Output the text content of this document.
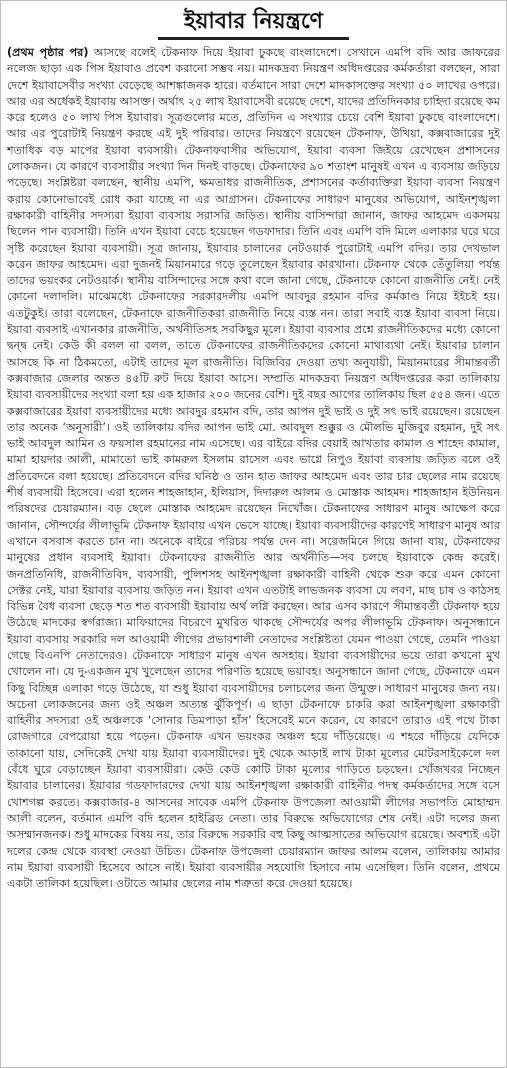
ইয়াবার নিয়ন্ত্রণে
(প্রথম পৃষ্ঠার পর) আসছে বলেই টেকনাফ দিয়ে ইয়াবা ঢুকছে বাংলাদেশে। সেখানে এমপি বদি আর জাফরের নলেজ ছাড়া এক পিস ইয়াবাও প্রবেশ করানো সম্ভব নয়। মাদকদ্রব্য নিয়ন্ত্রণ অধিদপ্তরের কর্মকর্তারা বলছেন, সারা দেশে ইয়াবাসেবীর সংখ্যা বেড়েছে আশঙ্কাজনক হারে। বর্তমানে সারা দেশে মাদকাসক্তের সংখ্যা ৫০ লাখের ওপরে। আর এর অর্ধেকই ইয়াবায় আসক্ত। অর্থাৎ ২৫ লাখ ইয়াবাসেবী রয়েছে দেশে, যাদের প্রতিদিনকার চাহিদা রয়েছে কম করে হলেও ৫০ লাখ পিস ইয়াবার। সূত্রগুলোর মতে, প্রতিদিন এ সংখ্যার চেয়ে বেশি ইয়াবা ঢুকছে বাংলাদেশে। আর এর পুরোটাই নিয়ন্ত্রণ করছে এই দুই পরিবার। তাদের নিয়ন্ত্রণে রয়েছেন টেকনাফ, উখিয়া, কক্সবাজারের দুই শতাধিক বড় মাপের ইয়াবা ব্যবসায়ী। টেকনাফবাসীর অভিযোগ, ইয়াবা ব্যবসা জিইয়ে রেখেছেন প্রশাসনের লোকজন। যে কারণে ব্যবসায়ীর সংখ্যা দিন দিনই বাড়ছে। টেকনাফের ৯০ শতাংশ মানুষই এখন এ ব্যবসায় জড়িয়ে পড়েছে। সংশ্লিষ্টরা বলছেন, স্থানীয় এমপি, ক্ষমতাধর রাজনীতিক, প্রশাসনের কর্তাব্যক্তিরা ইয়াবা ব্যবসা নিয়ন্ত্রণ করায় কোনোভাবেই রোধ করা যাচ্ছে না এর আগ্রাসন। টেকনাফের সাধারণ মানুষের অভিযোগ, আইনশৃঙ্খলা রক্ষাকারী বাহিনীর সদস্যরা ইয়াবা ব্যবসায় সরাসরি জড়িত। স্থানীয় বাসিন্দারা জানান, জাফর আহমেদ একসময় ছিলেন পান ব্যবসায়ী। তিনি এখন ইয়াবা বেচে হয়েছেন গডফাদার। তিনি এবং এমপি বদি মিলে এলাকার ঘরে ঘরে সৃষ্টি করেছেন ইয়াবা ব্যবসায়ী। সূত্র জানায়, ইয়াবার চালানের নেটওয়ার্ক পুরোটাই এমপি বদির। তার দেখভাল করেন জাফর আহমেদ। এরা দুজনই মিয়ানমারে গড়ে তুলেছেন ইয়াবার কারখানা। টেকনাফ থেকে তেঁতুলিয়া পর্যন্ত তাদের ভয়ংকর নেটওয়ার্ক। স্থানীয় বাসিন্দাদের সঙ্গে কথা বলে জানা গেছে, টেকনাফে কোনো রাজনীতি নেই। নেই কোনো দলাদলি। মাঝেমধ্যে টেকনাফের সরকারদলীয় এমপি আবদুর রহমান বদির কর্মকাণ্ড নিয়ে ইইচই হয়। এতটুকুই। তারা বলেছেন, টেকনাফে রাজনীতিকরা রাজনীতি নিয়ে ব্যস্ত নন। তারা সবাই ব্যস্ত ইয়াবা ব্যবসা নিয়ে। ইয়াবা ব্যবসাই এখানকার রাজনীতি, অর্থনীতিসহ সবকিছুর মূলে। ইয়াবা ব্যবসার প্রশ্নে রাজনীতিকদের মধ্যে কোনো দ্বন্দ্ব নেই। কেউ কী বলল না বলল, তাতে টেকনাফের রাজনীতিকদের কোনো মাথাব্যথা নেই। ইয়াবার চালান আসছে কি না ঠিকমতো, এটাই তাদের মূল রাজনীতি। বিজিবির দেওয়া তথ্য অনুযায়ী, মিয়ানমারের সীমান্তবর্তী কক্সবাজার জেলার অন্তত ৪৫টি রুট দিয়ে ইয়াবা আসে। সম্প্রতি মাদকদ্রব্য নিয়ন্ত্রণ অধিদপ্তরের করা তালিকায় ইয়াবা ব্যবসায়ীদের সংখ্যা বলা হয় এক হাজার ২০০ জনের বেশি। দুই বছর আগের তালিকায় ছিল ৫৫৪ জন। এতে কক্সবাজারের ইয়াবা ব্যবসায়ীদের মধ্যে আবদুর রহমান বদি, তার আপন দুই ভাই ও দুই সৎ ভাই রয়েছেন। রয়েছেন তার অনেক ‘অনুসারী’। ওই তালিকায় বদির আপন ভাই মো. আবদুল শুক্কুর ও মৌলভি মুজিবুর রহমান, দুই সৎ ভাই আবদুল আমিন ও ফয়সাল রহমানের নাম এসেছে। এর বাইরে বদির বেয়াই আখতার কামাল ও শাহেদ কামাল, মামা হায়দার আলী, মামাতো ভাই কামরুল ইসলাম রাসেল এবং ভাগ্নে নিপুও ইয়াবা ব্যবসায় জড়িত বলে ওই প্রতিবেদনে বলা হয়েছে। প্রতিবেদনে বদির ঘনিষ্ঠ ও তান হাত জাফর আহমেদ এবং তার চার ছেলের নাম রয়েছে শীর্ষ ব্যবসায়ী হিসেবে। এরা হলেন শাহজাহান, ইলিয়াস, দিদারুল আলম ও মোস্তাক আহমদ। শাহজাহান ইউনিয়ন পরিষদের চেয়ারম্যান। বড় ছেলে মোস্তাক আহমেদ রয়েছেন নিখোঁজ। টেকনাফের সাধারণ মানুষ আক্ষেপ করে জানান, সৌন্দর্যের লীলাভূমি টেকনাফ ইয়াবায় এখন ভেসে যাচ্ছে। ইয়াবা ব্যবসায়ীদের কারণেই সাধারণ মানুষ আর এখানে বসবাস করতে চান না। অনেকে বাইরে পরিচয় পর্যন্ত দেন না। সরেজমিনে গিয়ে জানা যায়, টেকনাফের মানুষের প্রধান ব্যবসাই ইয়াবা। টেকনাফের রাজনীতি আর অর্থনীতি—সব চলছে ইয়াবাকে কেন্দ্র করেই। জনপ্রতিনিধি, রাজনীতিবিদ, ব্যবসায়ী, পুলিশসহ আইনশৃঙ্খলা রক্ষাকারী বাহিনী থেকে শুরু করে এমন কোনো সেক্টর নেই, যারা ইয়াবার ব্যবসায় জড়িত নন। ইয়াবা এখন এতটাই লাভজনক ব্যবসা যে লবণ, মাছ চাষ ও কাঠসহ বিভিন্ন বৈধ ব্যবসা ছেড়ে শত শত ব্যবসায়ী ইয়াবায় অর্থ লগ্নি করছেন। আর এসব কারণে সীমান্তবর্তী টেকনাফ হয়ে উঠেছে মাদকের স্বর্গরাজ্য। মাফিয়াদের বিচরণে মুখরিত থাকছে সৌন্দর্যের অপর লীলাভূমি টেকনাফ। অনুসন্ধানে ইয়াবা ব্যবসায় সরকারি দল আওয়ামী লীগের প্রভাবশালী নেতাদের সংশ্লিষ্টতা যেমন পাওয়া গেছে, তেমনি পাওয়া গেছে বিএনপি নেতাদেরও। টেকনাফে সাধারণ মানুষ এখন অসহায়। ইয়াবা ব্যবসায়ীদের ভয়ে তারা কখনো মুখ খোলেন না। যে দু-একজন মুখ খুলেছেন তাদের পরিণতি হয়েছে ভয়াবহ। অনুসন্ধানে জানা গেছে, টেকনাফে এমন কিছু বিচ্ছিন্ন এলাকা গড়ে উঠেছে, যা শুধু ইয়াবা ব্যবসায়ীদের চলাচলের জন্য উন্মুক্ত। সাধারণ মানুষের জন্য নয়। অচেনা লোকজনের জন্য ওই অঞ্চল অত্যন্ত ঝুঁকিপূর্ণ। এ ছাড়া টেকনাফে চাকরি করা আইনশৃঙ্খলা রক্ষাকারী বাহিনীর সদস্যরা ওই অঞ্চলকে ‘সোনার ডিমপাড়া হাঁস’ হিসেবেই মনে করেন, যে কারণে তারাও এই পথে টাকা রোজগারে বেপরোয়া হয়ে পড়েন। টেকনাফ এখন ভয়ংকর অঞ্চল হয়ে দাঁড়িয়েছে। এ শহরে দাঁড়িয়ে যেদিকে তাকানো যায়, সেদিকেই দেখা যায় ইয়াবা ব্যবসায়ীদের। দুই থেকে আড়াই লাখ টাকা মূল্যের মোটরসাইকেলে দল বেঁধে ঘুরে বেড়াচ্ছেন ইয়াবা ব্যবসায়ীরা। কেউ কেউ কোটি টাকা মূল্যের গাড়িতে চড়ছেন। খোঁজখবর নিচ্ছেন ইয়াবার চালানের। ইয়াবার গডফাদারদের দেখা যায় আইনশৃঙ্খলা রক্ষাকারী বাহিনীর পদস্থ কর্মকর্তাদের সঙ্গে বসে খোশগল্প করতে। কক্সবাজার-৪ আসনের সাবেক এমপি টেকনাফ উপজেলা আওয়ামী লীগের সভাপতি মোহাম্মদ আলী বলেন, বর্তমান এমপি বদি হলেন হাইব্রিড নেতা। তার বিরুদ্ধে অভিযোগের শেষ নেই। এটা দলের জন্য অসম্মানজনক। শুধু মাদকের বিষয় নয়, তার বিরুদ্ধে সরকারি বহু কিছু আত্মসাতের অভিযোগ রয়েছে। অবশ্যই এটা দলের কেন্দ্র থেকে ব্যবস্থা নেওয়া উচিত। টেকনাফ উপজেলা চেয়ারম্যান জাফর আলম বলেন, তালিকায় আমার নাম ইয়াবা ব্যবসায়ী হিসেবে আসে নাই। ইয়াবা ব্যবসায়ীর সহযোগি হিসাবে নাম এসেছিল। তিনি বলেন, প্রথমে একটা তালিকা হয়েছিল। ওটাতে আমার ছেলের নাম শত্রুতা করে দেওয়া হয়েছে।
